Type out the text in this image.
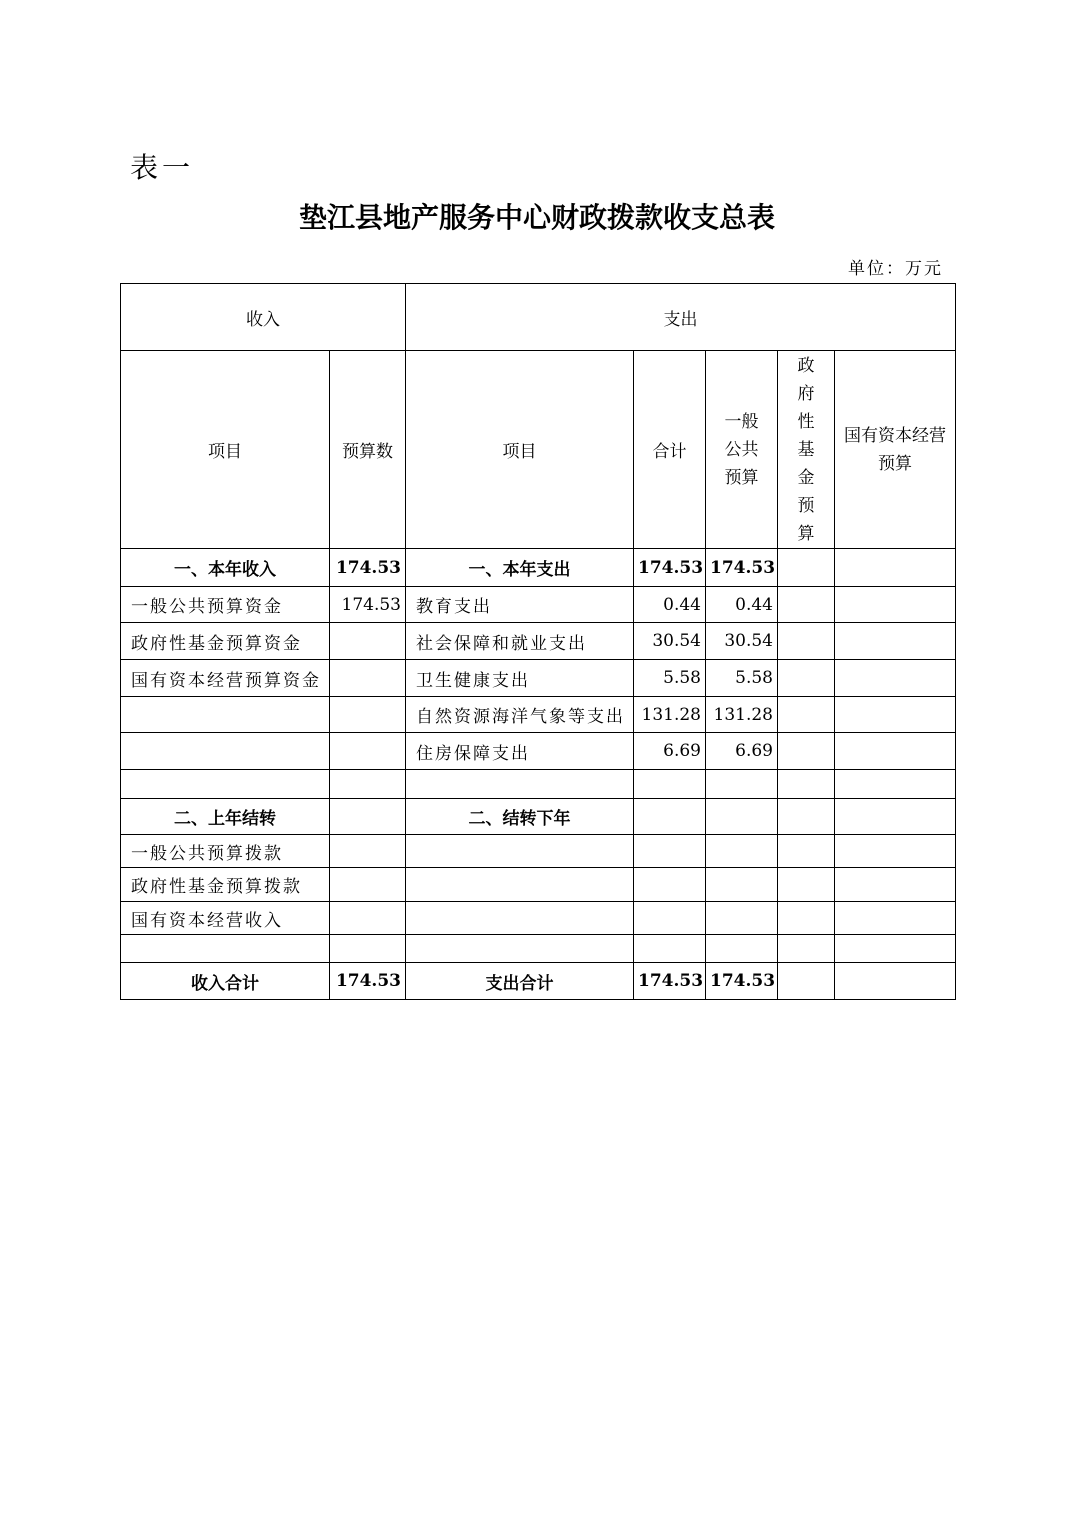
表一
垫江县地产服务中心财政拨款收支总表
单位：万元
收入		支出				
项目	预算数	项目	合计	一般公共预算	政府性基金预算	国有资本经营预算
一、本年收入	174.53	一、本年支出	174.53	174.53		
一般公共预算资金	174.53	教育支出	0.44	0.44		
政府性基金预算资金		社会保障和就业支出	30.54	30.54		
国有资本经营预算资金		卫生健康支出	5.58	5.58		
		自然资源海洋气象等支出	131.28	131.28		
		住房保障支出	6.69	6.69		

二、上年结转		二、结转下年				
一般公共预算拨款						
政府性基金预算拨款						
国有资本经营收入						

收入合计	174.53	支出合计	174.53	174.53		
